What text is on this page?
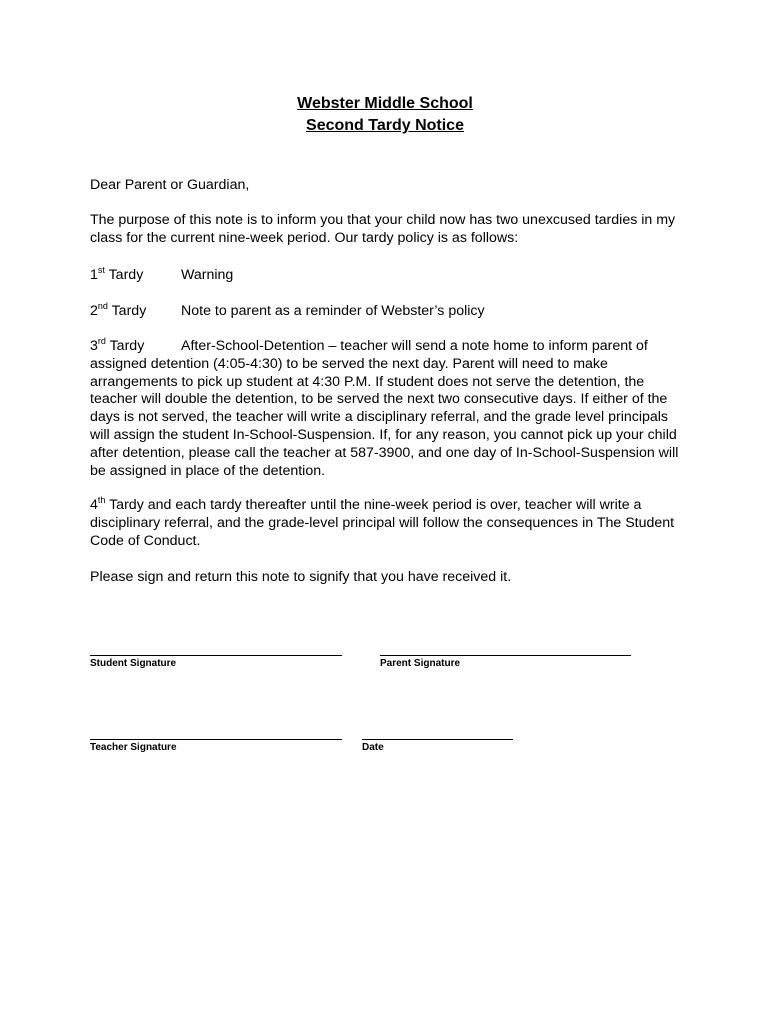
Webster Middle School
Second Tardy Notice
Dear Parent or Guardian,
The purpose of this note is to inform you that your child now has two unexcused tardies in my class for the current nine-week period. Our tardy policy is as follows:
1st Tardy	Warning
2nd Tardy Note to parent as a reminder of Webster’s policy
3rd Tardy	After-School-Detention – teacher will send a note home to inform parent of assigned detention (4:05-4:30) to be served the next day. Parent will need to make arrangements to pick up student at 4:30 P.M. If student does not serve the detention, the teacher will double the detention, to be served the next two consecutive days. If either of the days is not served, the teacher will write a disciplinary referral, and the grade level principals will assign the student In-School-Suspension. If, for any reason, you cannot pick up your child after detention, please call the teacher at 587-3900, and one day of In-School-Suspension will be assigned in place of the detention.
4th Tardy and each tardy thereafter until the nine-week period is over, teacher will write a disciplinary referral, and the grade-level principal will follow the consequences in The Student Code of Conduct.
Please sign and return this note to signify that you have received it.
Student Signature	Parent Signature
Teacher Signature	Date
